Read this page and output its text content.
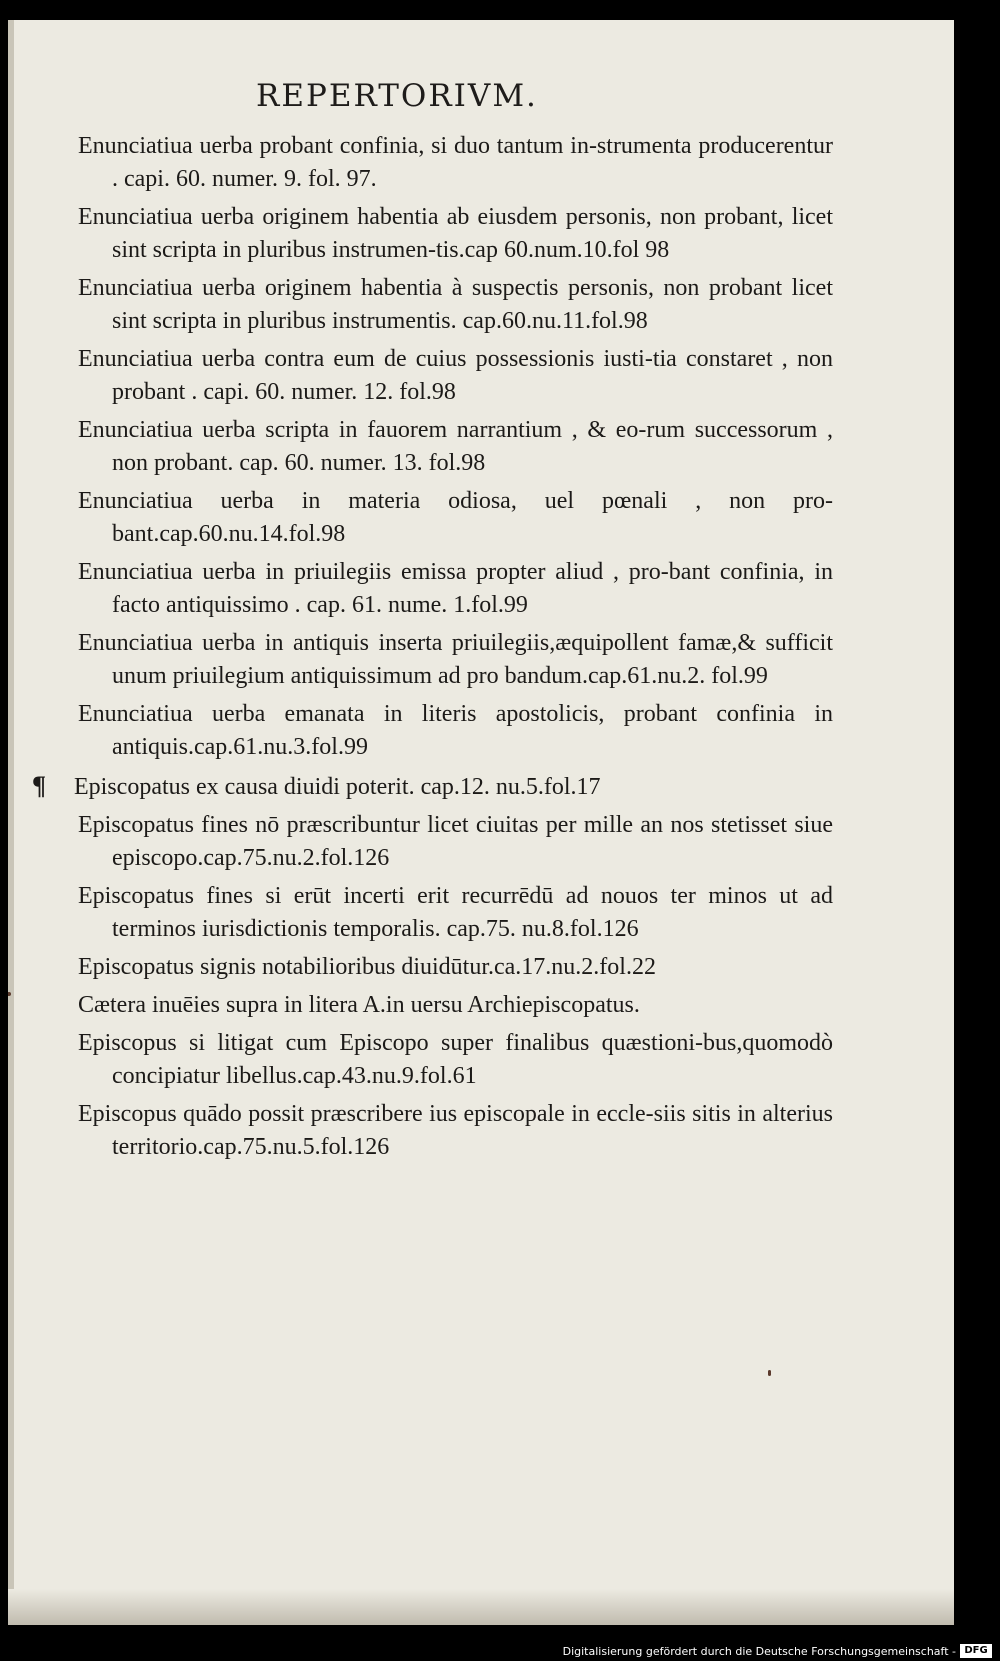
REPERTORIVM.

Enunciatiua uerba probant confinia, si duo tantum in-strumenta producerentur . capi. 60. numer. 9. fol. 97.

Enunciatiua uerba originem habentia ab eiusdem personis, non probant, licet sint scripta in pluribus instrumen-tis.cap 60.num.10.fol 98

Enunciatiua uerba originem habentia à suspectis personis, non probant licet sint scripta in pluribus instrumentis. cap.60.nu.11.fol.98

Enunciatiua uerba contra eum de cuius possessionis iusti-tia constaret , non probant . capi. 60. numer. 12. fol.98

Enunciatiua uerba scripta in fauorem narrantium , & eo-rum successorum , non probant. cap. 60. numer. 13. fol.98

Enunciatiua uerba in materia odiosa, uel pœnali , non pro-bant.cap.60.nu.14.fol.98

Enunciatiua uerba in priuilegiis emissa propter aliud , pro-bant confinia, in facto antiquissimo . cap. 61. nume. 1.fol.99

Enunciatiua uerba in antiquis inserta priuilegiis,æquipollent famæ,& sufficit unum priuilegium antiquissimum ad pro bandum.cap.61.nu.2. fol.99

Enunciatiua uerba emanata in literis apostolicis, probant confinia in antiquis.cap.61.nu.3.fol.99

¶ Episcopatus ex causa diuidi poterit. cap.12. nu.5.fol.17

Episcopatus fines nō præscribuntur licet ciuitas per mille an nos stetisset siue episcopo.cap.75.nu.2.fol.126

Episcopatus fines si erūt incerti erit recurrēdū ad nouos ter minos ut ad terminos iurisdictionis temporalis. cap.75. nu.8.fol.126

Episcopatus signis notabilioribus diuidūtur.ca.17.nu.2.fol.22

Cætera inuēies supra in litera A.in uersu Archiepiscopatus.

Episcopus si litigat cum Episcopo super finalibus quæstioni-bus,quomodò concipiatur libellus.cap.43.nu.9.fol.61

Episcopus quādo possit præscribere ius episcopale in eccle-siis sitis in alterius territorio.cap.75.nu.5.fol.126

Digitalisierung gefördert durch die Deutsche Forschungsgemeinschaft - DFG
